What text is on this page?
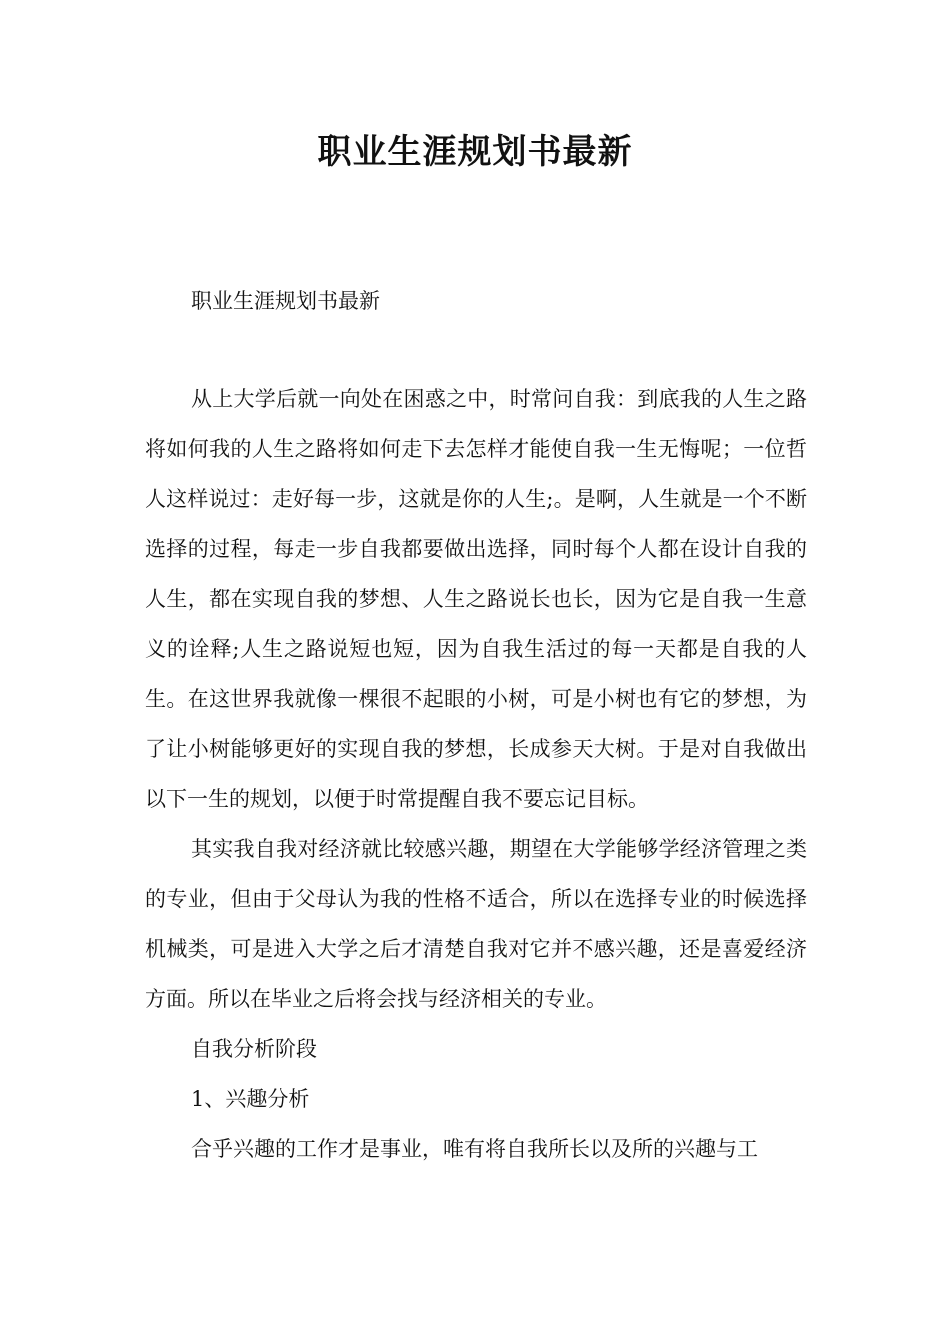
职业生涯规划书最新

职业生涯规划书最新

从上大学后就一向处在困惑之中，时常问自我：到底我的人生之路将如何我的人生之路将如何走下去怎样才能使自我一生无悔呢；一位哲人这样说过：走好每一步，这就是你的人生;。是啊，人生就是一个不断选择的过程，每走一步自我都要做出选择，同时每个人都在设计自我的人生，都在实现自我的梦想、人生之路说长也长，因为它是自我一生意义的诠释;人生之路说短也短，因为自我生活过的每一天都是自我的人生。在这世界我就像一棵很不起眼的小树，可是小树也有它的梦想，为了让小树能够更好的实现自我的梦想，长成参天大树。于是对自我做出以下一生的规划，以便于时常提醒自我不要忘记目标。

其实我自我对经济就比较感兴趣，期望在大学能够学经济管理之类的专业，但由于父母认为我的性格不适合，所以在选择专业的时候选择机械类，可是进入大学之后才清楚自我对它并不感兴趣，还是喜爱经济方面。所以在毕业之后将会找与经济相关的专业。

自我分析阶段

1、兴趣分析

合乎兴趣的工作才是事业，唯有将自我所长以及所的兴趣与工
